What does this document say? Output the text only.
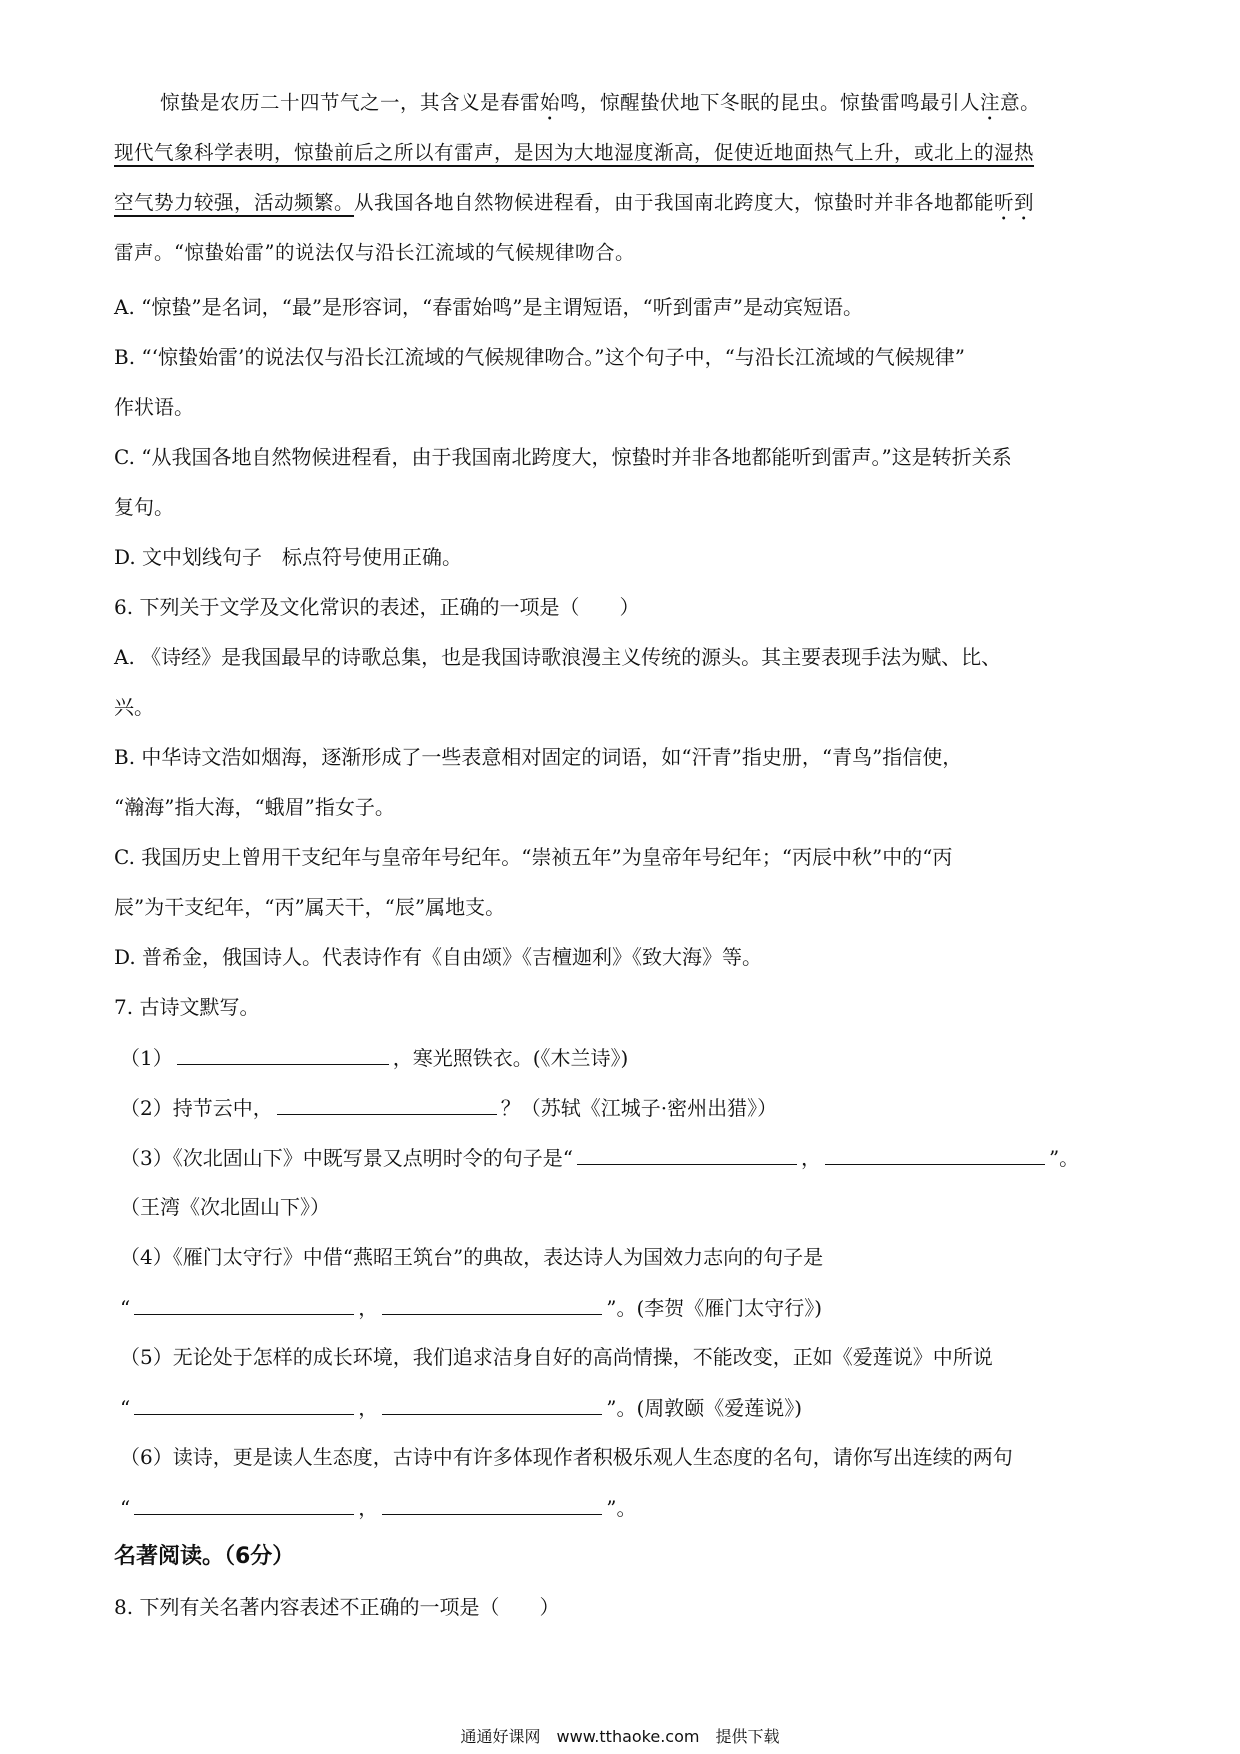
惊蛰是农历二十四节气之一，其含义是春雷始鸣，惊醒蛰伏地下冬眠的昆虫。惊蛰雷鸣最引人注意。
现代气象科学表明，惊蛰前后之所以有雷声，是因为大地湿度渐高，促使近地面热气上升，或北上的湿热
空气势力较强，活动频繁。从我国各地自然物候进程看，由于我国南北跨度大，惊蛰时并非各地都能听到
雷声。“惊蛰始雷”的说法仅与沿长江流域的气候规律吻合。
A. “惊蛰”是名词，“最”是形容词，“春雷始鸣”是主谓短语，“听到雷声”是动宾短语。
B. “‘惊蛰始雷’的说法仅与沿长江流域的气候规律吻合。”这个句子中，“与沿长江流域的气候规律”
作状语。
C. “从我国各地自然物候进程看，由于我国南北跨度大，惊蛰时并非各地都能听到雷声。”这是转折关系
复句。
D. 文中划线句子　标点符号使用正确。
6. 下列关于文学及文化常识的表述，正确的一项是（　　）
A. 《诗经》是我国最早的诗歌总集，也是我国诗歌浪漫主义传统的源头。其主要表现手法为赋、比、
兴。
B. 中华诗文浩如烟海，逐渐形成了一些表意相对固定的词语，如“汗青”指史册，“青鸟”指信使，
“瀚海”指大海，“蛾眉”指女子。
C. 我国历史上曾用干支纪年与皇帝年号纪年。“崇祯五年”为皇帝年号纪年；“丙辰中秋”中的“丙
辰”为干支纪年，“丙”属天干，“辰”属地支。
D. 普希金，俄国诗人。代表诗作有《自由颂》《吉檀迦利》《致大海》等。
7. 古诗文默写。
（1）	，寒光照铁衣。(《木兰诗》)
（2）持节云中，	？（苏轼《江城子·密州出猎》）
（3）《次北固山下》中既写景又点明时令的句子是“	，	”。
（王湾《次北固山下》）
（4）《雁门太守行》中借“燕昭王筑台”的典故，表达诗人为国效力志向的句子是
“	，	”。(李贺《雁门太守行》)
（5）无论处于怎样的成长环境，我们追求洁身自好的高尚情操，不能改变，正如《爱莲说》中所说
“	，	”。(周敦颐《爱莲说》)
（6）读诗，更是读人生态度，古诗中有许多体现作者积极乐观人生态度的名句，请你写出连续的两句
“	，	”。
名著阅读。（6分）
8. 下列有关名著内容表述不正确的一项是（　　）
通通好课网　www.tthaoke.com　提供下载
